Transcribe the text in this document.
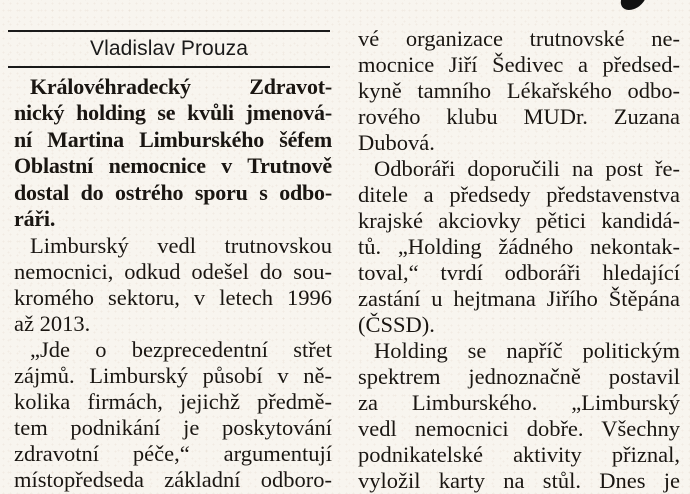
Vladislav Prouza
Královéhradecký Zdravot-
nický holding se kvůli jmenová-
ní Martina Limburského šéfem
Oblastní nemocnice v Trutnově
dostal do ostrého sporu s odbo-
ráři.
Limburský vedl trutnovskou
nemocnici, odkud odešel do sou-
kromého sektoru, v letech 1996
až 2013.
„Jde o bezprecedentní střet
zájmů. Limburský působí v ně-
kolika firmách, jejichž předmě-
tem podnikání je poskytování
zdravotní péče,“ argumentují
místopředseda základní odboro-
vé organizace trutnovské ne-
mocnice Jiří Šedivec a předsed-
kyně tamního Lékařského odbo-
rového klubu MUDr. Zuzana
Dubová.
Odboráři doporučili na post ře-
ditele a předsedy představenstva
krajské akciovky pětici kandidá-
tů. „Holding žádného nekontak-
toval,“ tvrdí odboráři hledající
zastání u hejtmana Jiřího Štěpána
(ČSSD).
Holding se napříč politickým
spektrem jednoznačně postavil
za Limburského. „Limburský
vedl nemocnici dobře. Všechny
podnikatelské aktivity přiznal,
vyložil karty na stůl. Dnes je
